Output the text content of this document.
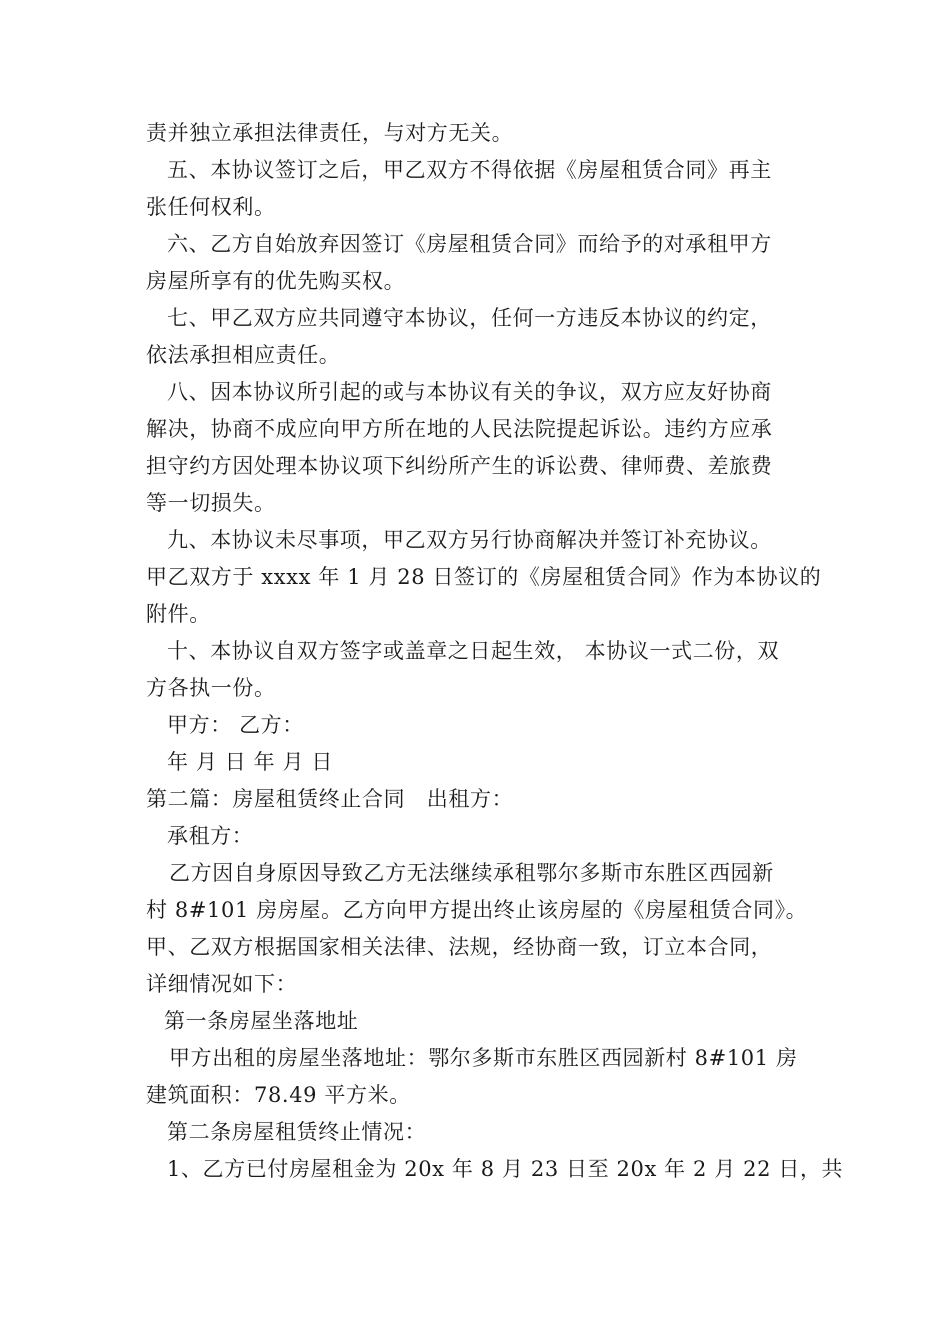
责并独立承担法律责任，与对方无关。
五、本协议签订之后，甲乙双方不得依据《房屋租赁合同》再主
张任何权利。
六、乙方自始放弃因签订《房屋租赁合同》而给予的对承租甲方
房屋所享有的优先购买权。
七、甲乙双方应共同遵守本协议，任何一方违反本协议的约定，
依法承担相应责任。
八、因本协议所引起的或与本协议有关的争议，双方应友好协商
解决，协商不成应向甲方所在地的人民法院提起诉讼。违约方应承
担守约方因处理本协议项下纠纷所产生的诉讼费、律师费、差旅费
等一切损失。
九、本协议未尽事项，甲乙双方另行协商解决并签订补充协议。
甲乙双方于 xxxx 年 1 月 28 日签订的《房屋租赁合同》作为本协议的
附件。
十、本协议自双方签字或盖章之日起生效， 本协议一式二份，双
方各执一份。
甲方： 乙方：
年 月 日 年 月 日
第二篇：房屋租赁终止合同　出租方：
承租方：
乙方因自身原因导致乙方无法继续承租鄂尔多斯市东胜区西园新
村 8#101 房房屋。乙方向甲方提出终止该房屋的《房屋租赁合同》。
甲、乙双方根据国家相关法律、法规，经协商一致，订立本合同，
详细情况如下：
第一条房屋坐落地址
甲方出租的房屋坐落地址：鄂尔多斯市东胜区西园新村 8#101 房
建筑面积：78.49 平方米。
第二条房屋租赁终止情况：
1、乙方已付房屋租金为 20x 年 8 月 23 日至 20x 年 2 月 22 日，共
